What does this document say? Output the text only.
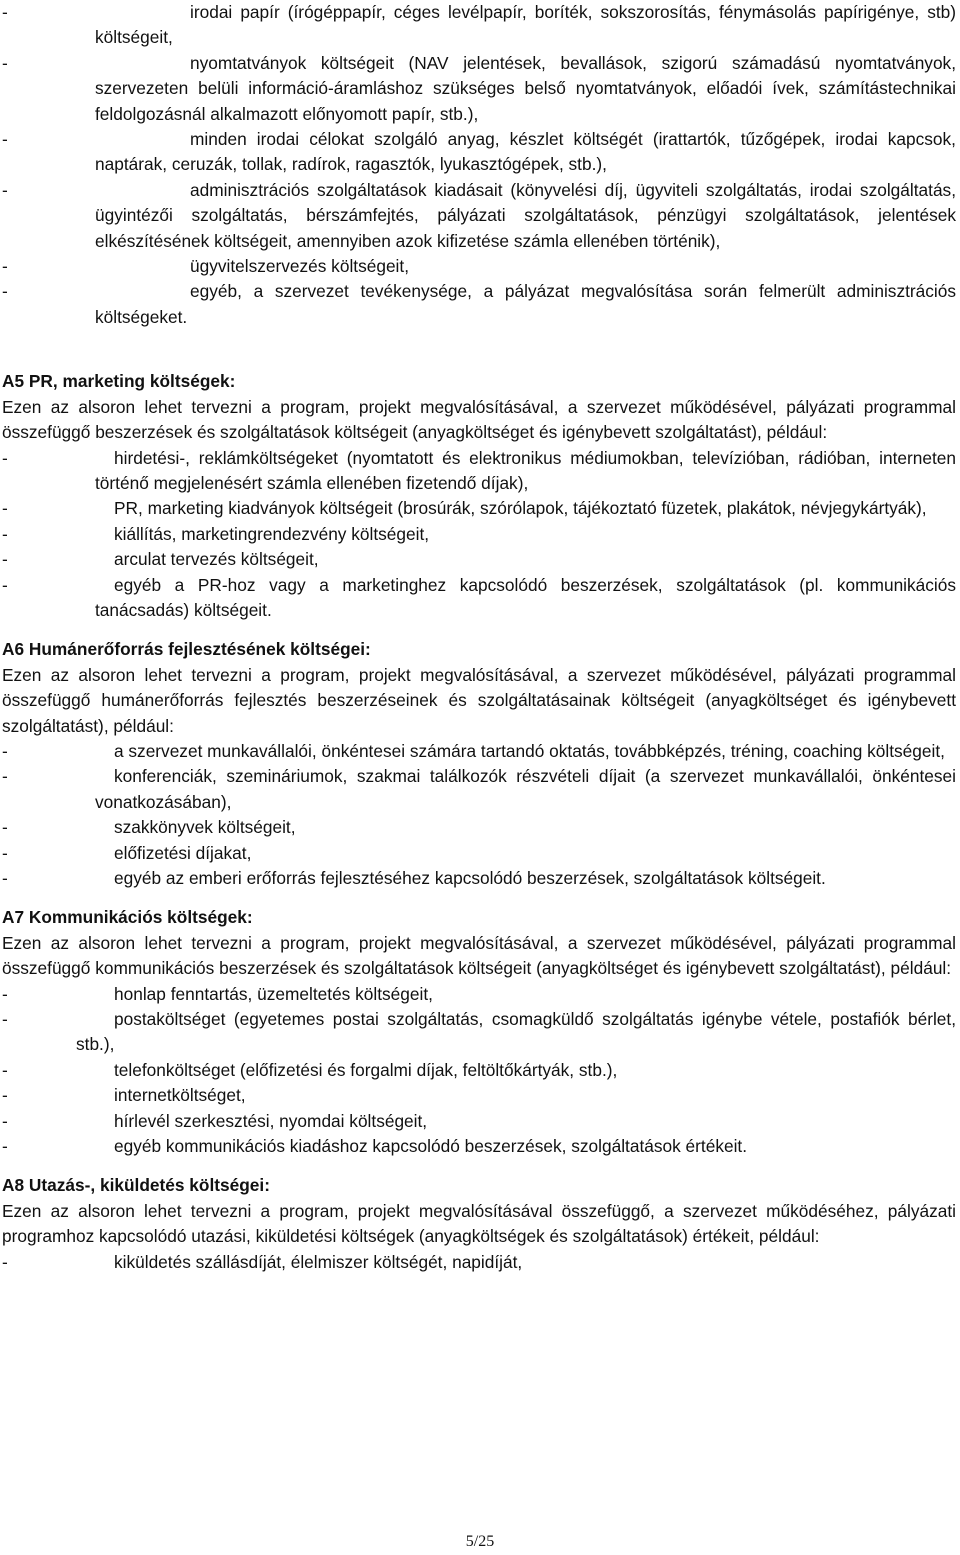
-	irodai papír (írógéppapír, céges levélpapír, boríték, sokszorosítás, fénymásolás papírigénye, stb) költségeit,
-	nyomtatványok költségeit (NAV jelentések, bevallások, szigorú számadású nyomtatványok, szervezeten belüli információ-áramláshoz szükséges belső nyomtatványok, előadói ívek, számítástechnikai feldolgozásnál alkalmazott előnyomott papír, stb.),
-	minden irodai célokat szolgáló anyag, készlet költségét (irattartók, tűzőgépek, irodai kapcsok, naptárak, ceruzák, tollak, radírok, ragasztók, lyukasztógépek, stb.),
-	adminisztrációs szolgáltatások kiadásait (könyvelési díj, ügyviteli szolgáltatás, irodai szolgáltatás, ügyintézői szolgáltatás, bérszámfejtés, pályázati szolgáltatások, pénzügyi szolgáltatások, jelentések elkészítésének költségeit, amennyiben azok kifizetése számla ellenében történik),
-	ügyvitelszervezés költségeit,
-	egyéb, a szervezet tevékenysége, a pályázat megvalósítása során felmerült adminisztrációs költségeket.

A5 PR, marketing költségek:

Ezen az alsoron lehet tervezni a program, projekt megvalósításával, a szervezet működésével, pályázati programmal összefüggő beszerzések és szolgáltatások költségeit (anyagköltséget és igénybevett szolgáltatást), például:

-	hirdetési-, reklámköltségeket (nyomtatott és elektronikus médiumokban, televízióban, rádióban, interneten történő megjelenésért számla ellenében fizetendő díjak),
-	PR, marketing kiadványok költségeit (brosúrák, szórólapok, tájékoztató füzetek, plakátok, névjegykártyák),
-	kiállítás, marketingrendezvény költségeit,
-	arculat tervezés költségeit,
-	egyéb a PR-hoz vagy a marketinghez kapcsolódó beszerzések, szolgáltatások (pl. kommunikációs tanácsadás) költségeit.

A6 Humánerőforrás fejlesztésének költségei:

Ezen az alsoron lehet tervezni a program, projekt megvalósításával, a szervezet működésével, pályázati programmal összefüggő humánerőforrás fejlesztés beszerzéseinek és szolgáltatásainak költségeit (anyagköltséget és igénybevett szolgáltatást), például:

-	a szervezet munkavállalói, önkéntesei számára tartandó oktatás, továbbképzés, tréning, coaching költségeit,
-	konferenciák, szemináriumok, szakmai találkozók részvételi díjait (a szervezet munkavállalói, önkéntesei vonatkozásában),
-	szakkönyvek költségeit,
-	előfizetési díjakat,
-	egyéb az emberi erőforrás fejlesztéséhez kapcsolódó beszerzések, szolgáltatások költségeit.

A7 Kommunikációs költségek:

Ezen az alsoron lehet tervezni a program, projekt megvalósításával, a szervezet működésével, pályázati programmal összefüggő kommunikációs beszerzések és szolgáltatások költségeit (anyagköltséget és igénybevett szolgáltatást), például:

-	honlap fenntartás, üzemeltetés költségeit,
-	postaköltséget (egyetemes postai szolgáltatás, csomagküldő szolgáltatás igénybe vétele, postafiók bérlet, stb.),
-	telefonköltséget (előfizetési és forgalmi díjak, feltöltőkártyák, stb.),
-	internetköltséget,
-	hírlevél szerkesztési, nyomdai költségeit,
-	egyéb kommunikációs kiadáshoz kapcsolódó beszerzések, szolgáltatások értékeit.

A8 Utazás-, kiküldetés költségei:

Ezen az alsoron lehet tervezni a program, projekt megvalósításával összefüggő, a szervezet működéséhez, pályázati programhoz kapcsolódó utazási, kiküldetési költségek (anyagköltségek és szolgáltatások) értékeit, például:

-	kiküldetés szállásdíját, élelmiszer költségét, napidíját,
5/25
